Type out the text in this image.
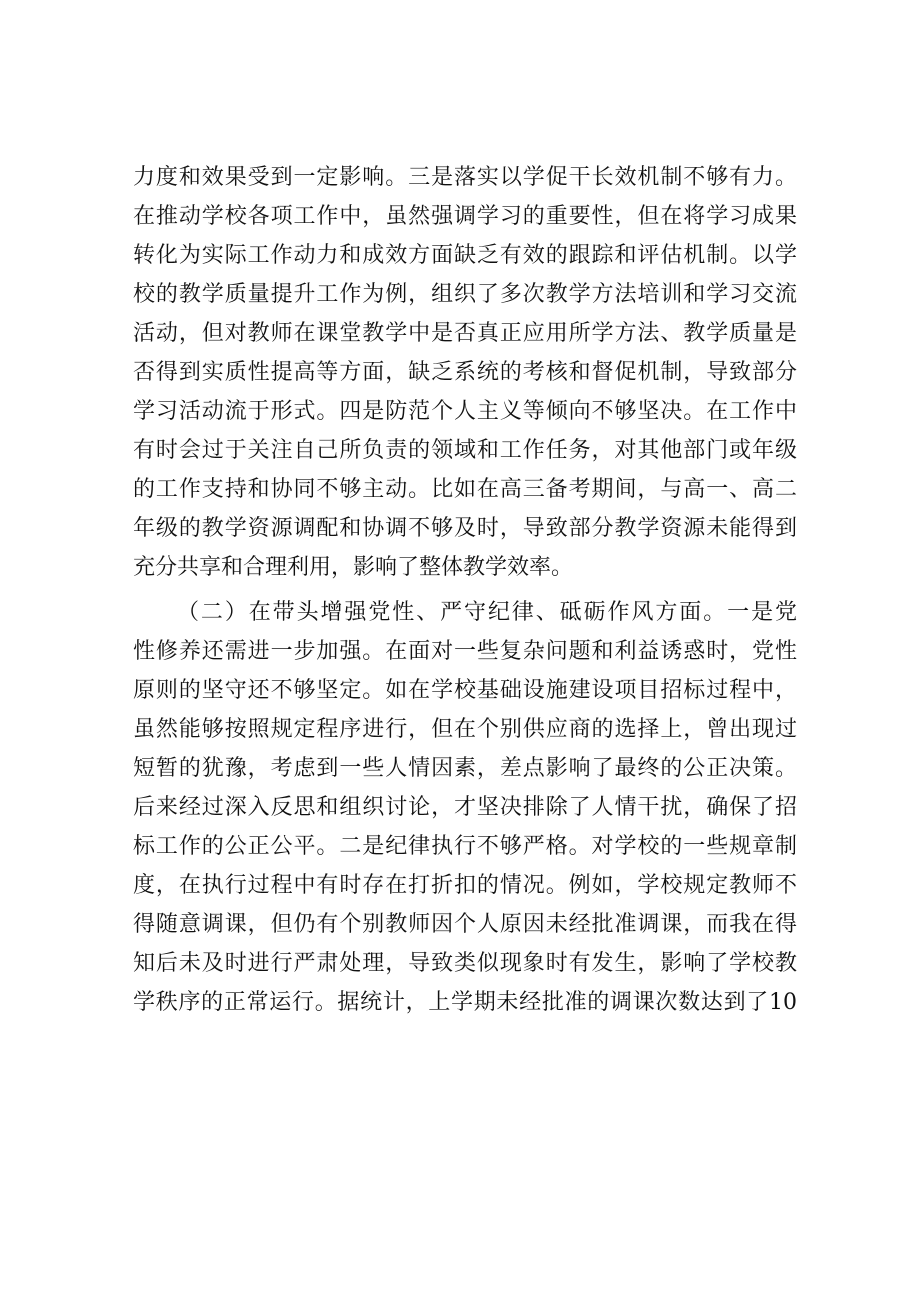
力度和效果受到一定影响。三是落实以学促干长效机制不够有力。
在推动学校各项工作中，虽然强调学习的重要性，但在将学习成果
转化为实际工作动力和成效方面缺乏有效的跟踪和评估机制。以学
校的教学质量提升工作为例，组织了多次教学方法培训和学习交流
活动，但对教师在课堂教学中是否真正应用所学方法、教学质量是
否得到实质性提高等方面，缺乏系统的考核和督促机制，导致部分
学习活动流于形式。四是防范个人主义等倾向不够坚决。在工作中
有时会过于关注自己所负责的领域和工作任务，对其他部门或年级
的工作支持和协同不够主动。比如在高三备考期间，与高一、高二
年级的教学资源调配和协调不够及时，导致部分教学资源未能得到
充分共享和合理利用，影响了整体教学效率。
（二）在带头增强党性、严守纪律、砥砺作风方面。一是党
性修养还需进一步加强。在面对一些复杂问题和利益诱惑时，党性
原则的坚守还不够坚定。如在学校基础设施建设项目招标过程中，
虽然能够按照规定程序进行，但在个别供应商的选择上，曾出现过
短暂的犹豫，考虑到一些人情因素，差点影响了最终的公正决策。
后来经过深入反思和组织讨论，才坚决排除了人情干扰，确保了招
标工作的公正公平。二是纪律执行不够严格。对学校的一些规章制
度，在执行过程中有时存在打折扣的情况。例如，学校规定教师不
得随意调课，但仍有个别教师因个人原因未经批准调课，而我在得
知后未及时进行严肃处理，导致类似现象时有发生，影响了学校教
学秩序的正常运行。据统计，上学期未经批准的调课次数达到了10
